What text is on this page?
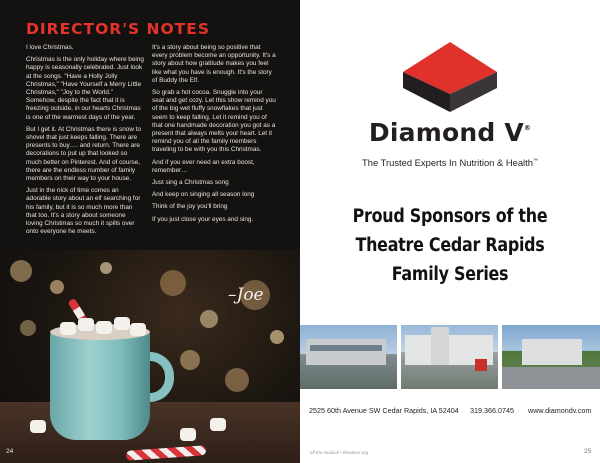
DIRECTOR'S NOTES

I love Christmas.

Christmas is the only holiday where being happy is seasonally celebrated. Just look at the songs. "Have a Holly Jolly Christmas," "Have Yourself a Merry Little Christmas," "Joy to the World." Somehow, despite the fact that it is freezing outside, in our hearts Christmas is one of the warmest days of the year.

But I get it. At Christmas there is snow to shovel that just keeps falling. There are presents to buy…. and return. There are decorations to put up that looked so much better on Pinterest. And of course, there are the endless number of family members on their way to your house.

Just in the nick of time comes an adorable story about an elf searching for his family, but it is so much more than that too. It's a story about someone loving Christmas so much it spills over onto everyone he meets.

It's a story about being so positive that every problem become an opportunity. It's a story about how gratitude makes you feel like what you have is enough. It's the story of Buddy the Elf.

So grab a hot cocoa. Snuggle into your seat and get cozy. Let this show remind you of the big wet fluffy snowflakes that just seem to keep falling. Let it remind you of that one handmade decoration you got as a present that always melts your heart. Let it remind you of all the family members traveling to be with you this Christmas.

And if you ever need an extra boost, remember…

Just sing a Christmas song

And keep on singing all season long

Think of the joy you'll bring

If you just close your eyes and sing.

–Joe
24
Diamond V®
The Trusted Experts In Nutrition & Health™
Proud Sponsors of the
Theatre Cedar Rapids
Family Series
2525 60th Avenue SW Cedar Rapids, IA 52404 319.366.0745 www.diamondv.com
elf the musical • theatrecr.org	25
